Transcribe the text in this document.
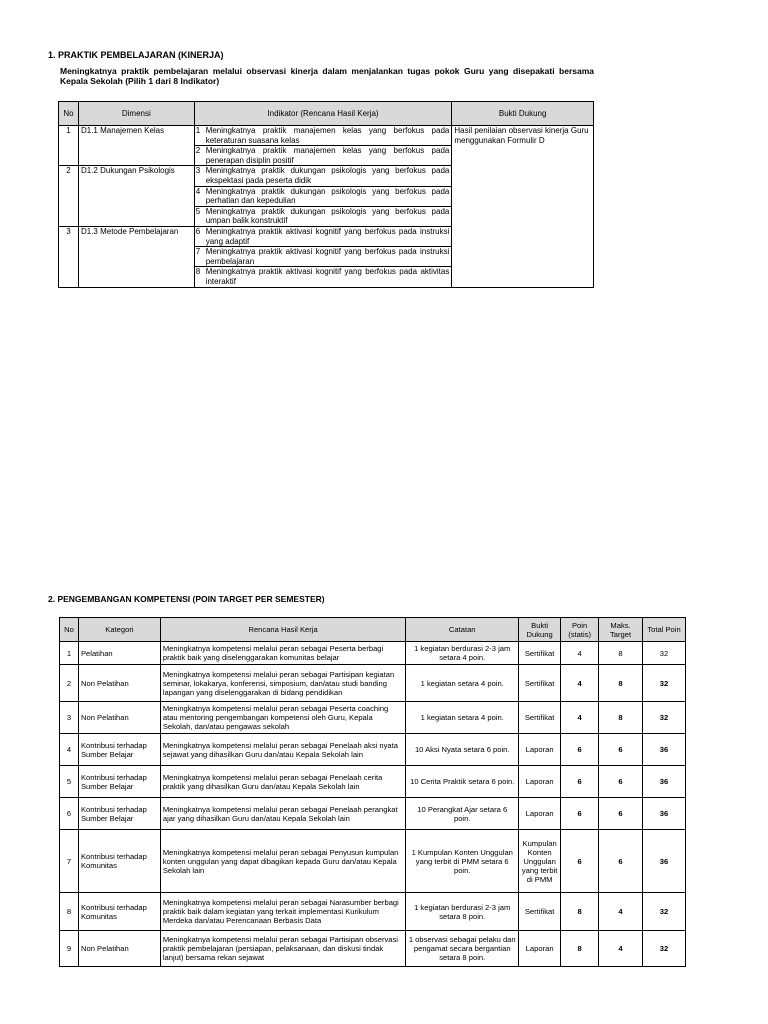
1. PRAKTIK PEMBELAJARAN (KINERJA)
Meningkatnya praktik pembelajaran melalui observasi kinerja dalam menjalankan tugas pokok Guru yang disepakati bersama Kepala Sekolah (Pilih 1 dari 8 Indikator)
No	Dimensi	Indikator (Rencana Hasil Kerja)		Bukti Dukung
1	D1.1 Manajemen Kelas	1	Meningkatnya praktik manajemen kelas yang berfokus pada keteraturan suasana kelas	Hasil penilaian observasi kinerja Guru menggunakan Formulir D
		2	Meningkatnya praktik manajemen kelas yang berfokus pada penerapan disiplin positif	
2	D1.2 Dukungan Psikologis	3	Meningkatnya praktik dukungan psikologis yang berfokus pada ekspektasi pada peserta didik	
		4	Meningkatnya praktik dukungan psikologis yang berfokus pada perhatian dan kepedulian	
		5	Meningkatnya praktik dukungan psikologis yang berfokus pada umpan balik konstruktif	
3	D1.3 Metode Pembelajaran	6	Meningkatnya praktik aktivasi kognitif yang berfokus pada instruksi yang adaptif	
		7	Meningkatnya praktik aktivasi kognitif yang berfokus pada instruksi pembelajaran	
		8	Meningkatnya praktik aktivasi kognitif yang berfokus pada aktivitas interaktif	
2. PENGEMBANGAN KOMPETENSI (POIN TARGET PER SEMESTER)
No	Kategori	Rencana Hasil Kerja	Catatan	Bukti Dukung	Poin (statis)	Maks. Target	Total Poin
1	Pelatihan	Meningkatnya kompetensi melalui peran sebagai Peserta berbagi praktik baik yang diselenggarakan komunitas belajar	1 kegiatan berdurasi 2-3 jam setara 4 poin.	Sertifikat	4	8	32
2	Non Pelatihan	Meningkatnya kompetensi melalui peran sebagai Partisipan kegiatan seminar, lokakarya, konferensi, simposium, dan/atau studi banding lapangan yang diselenggarakan di bidang pendidikan	1 kegiatan setara 4 poin.	Sertifikat	4	8	32
3	Non Pelatihan	Meningkatnya kompetensi melalui peran sebagai Peserta coaching atau mentoring pengembangan kompetensi oleh Guru, Kepala Sekolah, dan/atau pengawas sekolah	1 kegiatan setara 4 poin.	Sertifikat	4	8	32
4	Kontribusi terhadap Sumber Belajar	Meningkatnya kompetensi melalui peran sebagai Penelaah aksi nyata sejawat yang dihasilkan Guru dan/atau Kepala Sekolah lain	10 Aksi Nyata setara 6 poin.	Laporan	6	6	36
5	Kontribusi terhadap Sumber Belajar	Meningkatnya kompetensi melalui peran sebagai Penelaah cerita praktik yang dihasilkan Guru dan/atau Kepala Sekolah lain	10 Cerita Praktik setara 6 poin.	Laporan	6	6	36
6	Kontribusi terhadap Sumber Belajar	Meningkatnya kompetensi melalui peran sebagai Penelaah perangkat ajar yang dihasilkan Guru dan/atau Kepala Sekolah lain	10 Perangkat Ajar setara 6 poin.	Laporan	6	6	36
7	Kontribusi terhadap Komunitas	Meningkatnya kompetensi melalui peran sebagai Penyusun kumpulan konten unggulan yang dapat dibagikan kepada Guru dan/atau Kepala Sekolah lain	1 Kumpulan Konten Unggulan yang terbit di PMM setara 6 poin.	Kumpulan Konten Unggulan yang terbit di PMM	6	6	36
8	Kontribusi terhadap Komunitas	Meningkatnya kompetensi melalui peran sebagai Narasumber berbagi praktik baik dalam kegiatan yang terkait implementasi Kurikulum Merdeka dan/atau Perencanaan Berbasis Data	1 kegiatan berdurasi 2-3 jam setara 8 poin.	Sertifikat	8	4	32
9	Non Pelatihan	Meningkatnya kompetensi melalui peran sebagai Partisipan observasi praktik pembelajaran (persiapan, pelaksanaan, dan diskusi tindak lanjut) bersama rekan sejawat	1 observasi sebagai pelaku dan pengamat secara bergantian setara 8 poin.	Laporan	8	4	32
